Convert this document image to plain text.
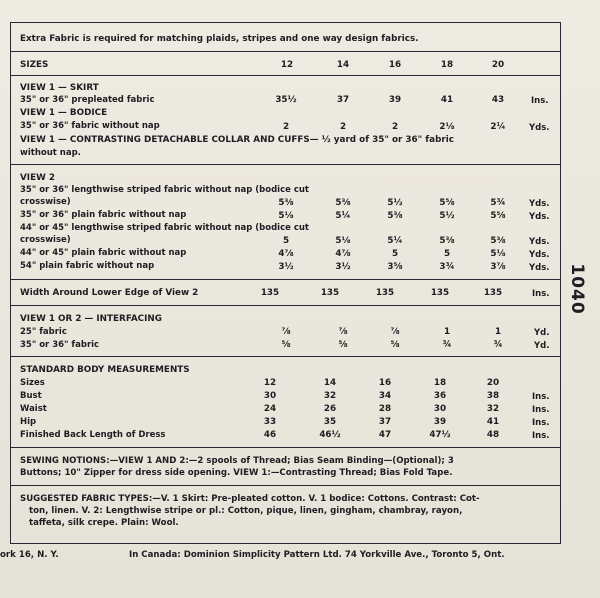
Extra Fabric is required for matching plaids, stripes and one way design fabrics.
SIZES	12	14	16	18	20
VIEW 1 — SKIRT
35" or 36" prepleated fabric	35½	37	39	41	43	Ins.
VIEW 1 — BODICE
35" or 36" fabric without nap	2	2	2	2⅛	2¼	Yds.
VIEW 1 — CONTRASTING DETACHABLE COLLAR AND CUFFS— ½ yard of 35" or 36" fabric
without nap.
VIEW 2
35" or 36" lengthwise striped fabric without nap (bodice cut
crosswise)	5⅜	5⅜	5½	5⅝	5¾	Yds.
35" or 36" plain fabric without nap	5⅛	5¼	5⅜	5½	5⅝	Yds.
44" or 45" lengthwise striped fabric without nap (bodice cut
crosswise)	5	5⅛	5¼	5⅜	5⅜	Yds.
44" or 45" plain fabric without nap	4⅞	4⅞	5	5	5⅛	Yds.
54" plain fabric without nap	3½	3½	3⅝	3¾	3⅞	Yds.
Width Around Lower Edge of View 2	135	135	135	135	135	Ins.
VIEW 1 OR 2 — INTERFACING
25" fabric	⅞	⅞	⅞	1	1	Yd.
35" or 36" fabric	⅝	⅝	⅝	¾	¾	Yd.
STANDARD BODY MEASUREMENTS
Sizes	12	14	16	18	20
Bust	30	32	34	36	38	Ins.
Waist	24	26	28	30	32	Ins.
Hip	33	35	37	39	41	Ins.
Finished Back Length of Dress	46	46½	47	47½	48	Ins.
SEWING NOTIONS:—VIEW 1 AND 2:—2 spools of Thread; Bias Seam Binding—(Optional); 3
Buttons; 10" Zipper for dress side opening. VIEW 1:—Contrasting Thread; Bias Fold Tape.
SUGGESTED FABRIC TYPES:—V. 1 Skirt: Pre-pleated cotton. V. 1 bodice: Cottons. Contrast: Cot-
ton, linen. V. 2: Lengthwise stripe or pl.: Cotton, pique, linen, gingham, chambray, rayon,
taffeta, silk crepe. Plain: Wool.
1040
ork 16, N. Y.	In Canada: Dominion Simplicity Pattern Ltd. 74 Yorkville Ave., Toronto 5, Ont.
